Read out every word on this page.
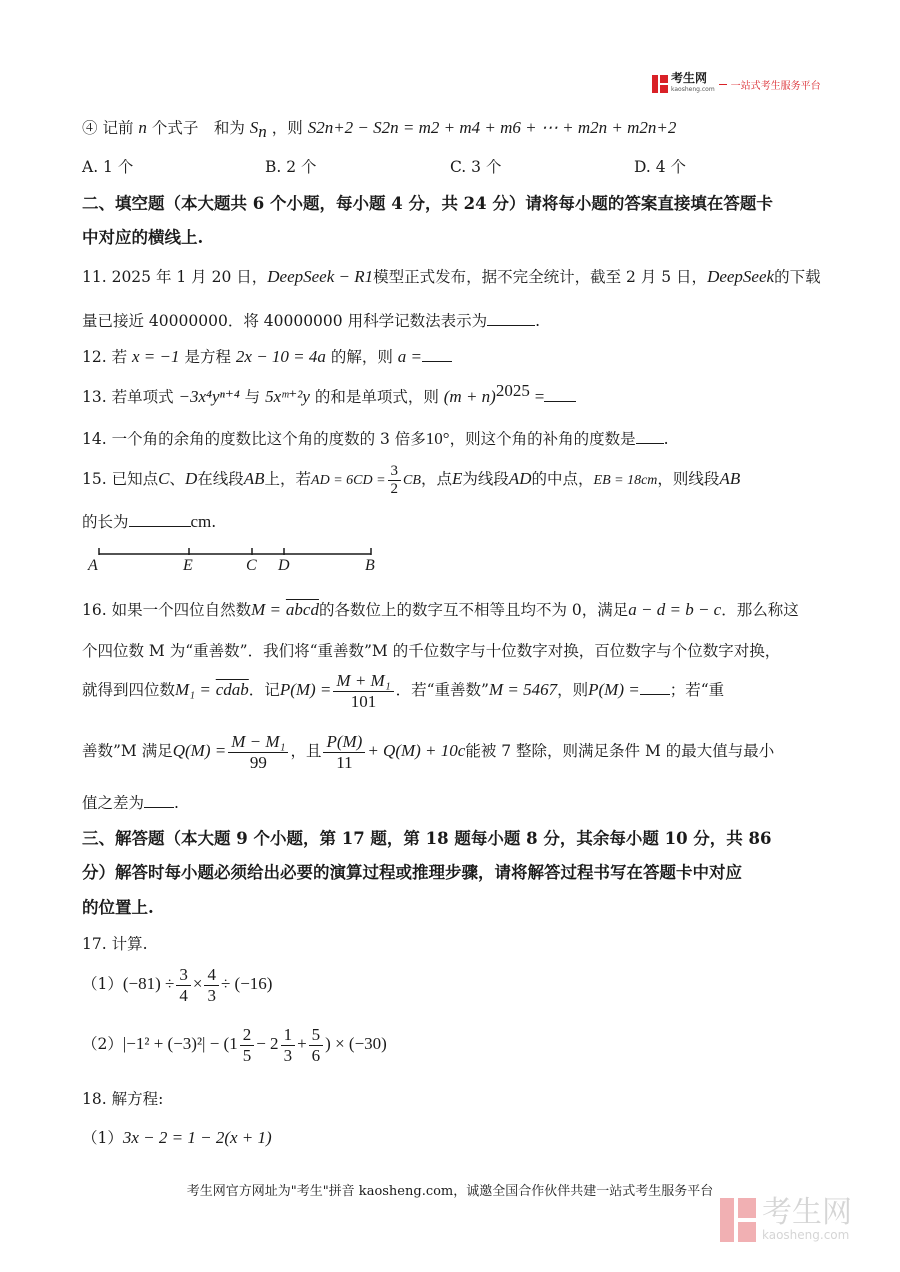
考生网
kaosheng.com 一站式考生服务平台
④ 记前 n 个式子　和为 $S_n$ ，则 S2n+2 − S2n = m2 + m4 + m6 + ⋯ + m2n + m2n+2
A. 1 个	B. 2 个	C. 3 个	D. 4 个
二、填空题（本大题共 6 个小题，每小题 4 分，共 24 分）请将每小题的答案直接填在答题卡
中对应的横线上.
11. 2025 年 1 月 20 日，DeepSeek − R1模型正式发布，据不完全统计，截至 2 月 5 日，DeepSeek的下载
量已接近 40000000．将 40000000 用科学记数法表示为	.
12. 若 x = −1 是方程 2x − 10 = 4a 的解，则 a =
13. 若单项式 −3x⁴yⁿ⁺⁴ 与 5xᵐ⁺²y 的和是单项式，则 $(m + n)^{2025}$ =
14. 一个角的余角的度数比这个角的度数的 3 倍多10°，则这个角的补角的度数是 .
15. 已知点C、D在线段AB上，若AD = $6CD = \frac{3}{2}$ CB，点E为线段AD的中点，EB = 18cm，则线段AB
的长为	cm.
A	E	C D	B
16. 如果一个四位自然数M = abcd的各数位上的数字互不相等且均不为 0，满足a − d = b − c．那么称这
个四位数 M 为“重善数”．我们将“重善数”M 的千位数字与十位数字对换，百位数字与个位数字对换，
就得到四位数M₁ = cdab．记$P(M) = \frac{\text{M + M₁}}{101}$ ．若“重善数”M = 5467，则P(M) = ；若“重
善数”M 满足$Q(M) = \frac{\text{M − M₁}}{99}$ ，且 $\frac{P(M)}{11} + Q(M) + 10c$能被 7 整除，则满足条件 M 的最大值与最小
值之差为 .
三、解答题（本大题 9 个小题，第 17 题，第 18 题每小题 8 分，其余每小题 10 分，共 86
分）解答时每小题必须给出必要的演算过程或推理步骤，请将解答过程书写在答题卡中对应
的位置上.
17. 计算.
$(1)(-81) \div \frac{3}{4} \times \frac{4}{3} \div (-16)$
$(2)|-1^2 + (-3)^2| - (1 \frac{2}{5} - 2 \frac{1}{3} + \frac{5}{6}$ ) × (−30)
18. 解方程:
（1）3x − 2 = 1 − 2(x + 1)
考生网官方网址为"考生"拼音 kaosheng.com，诚邀全国合作伙伴共建一站式考生服务平台
考生网
kaosheng.com
